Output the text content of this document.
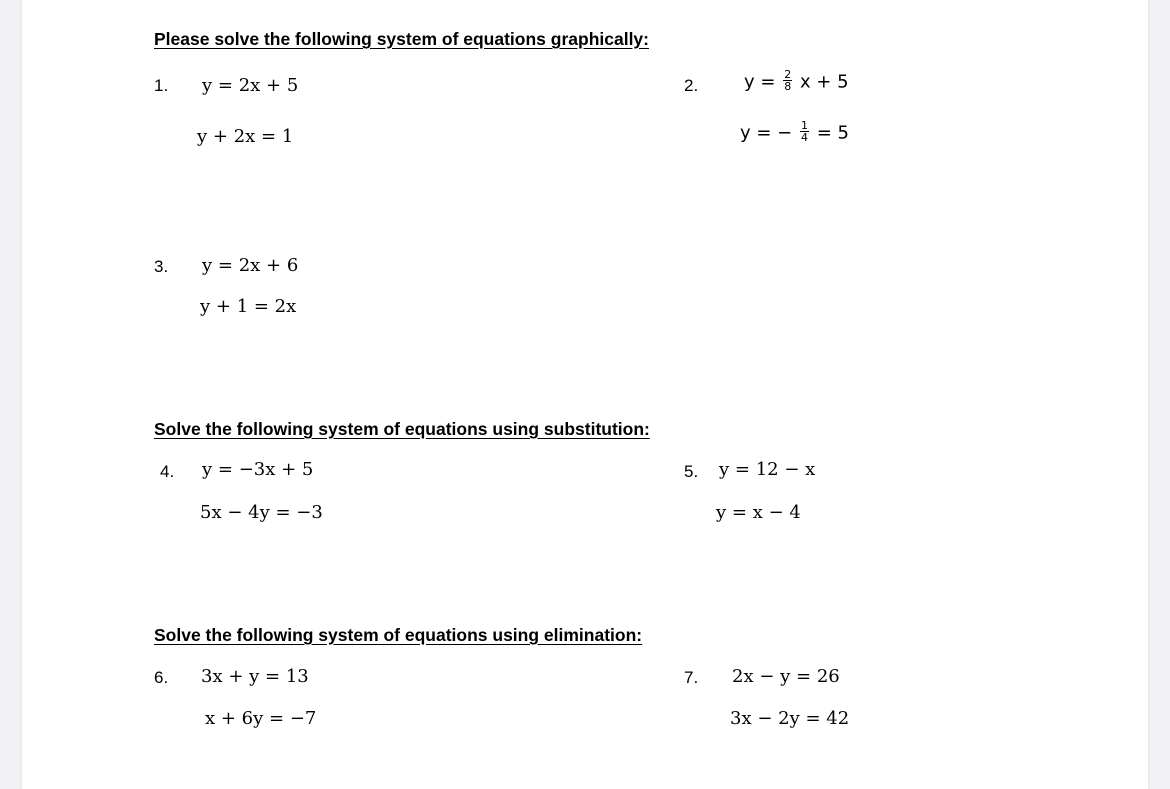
Please solve the following system of equations graphically:
1. y = 2x + 5
y + 2x = 1
2.	$y = \frac{2}{8}$ x + 5
y = − $\frac{1}{4} = 5$
3. y = 2x + 6
y + 1 = 2x
Solve the following system of equations using substitution:
4. y = −3x + 5
5x − 4y = −3
5. y = 12 − x
y = x − 4
Solve the following system of equations using elimination:
6. 3x + y = 13
x + 6y = −7
7. 2x − y = 26
3x − 2y = 42
